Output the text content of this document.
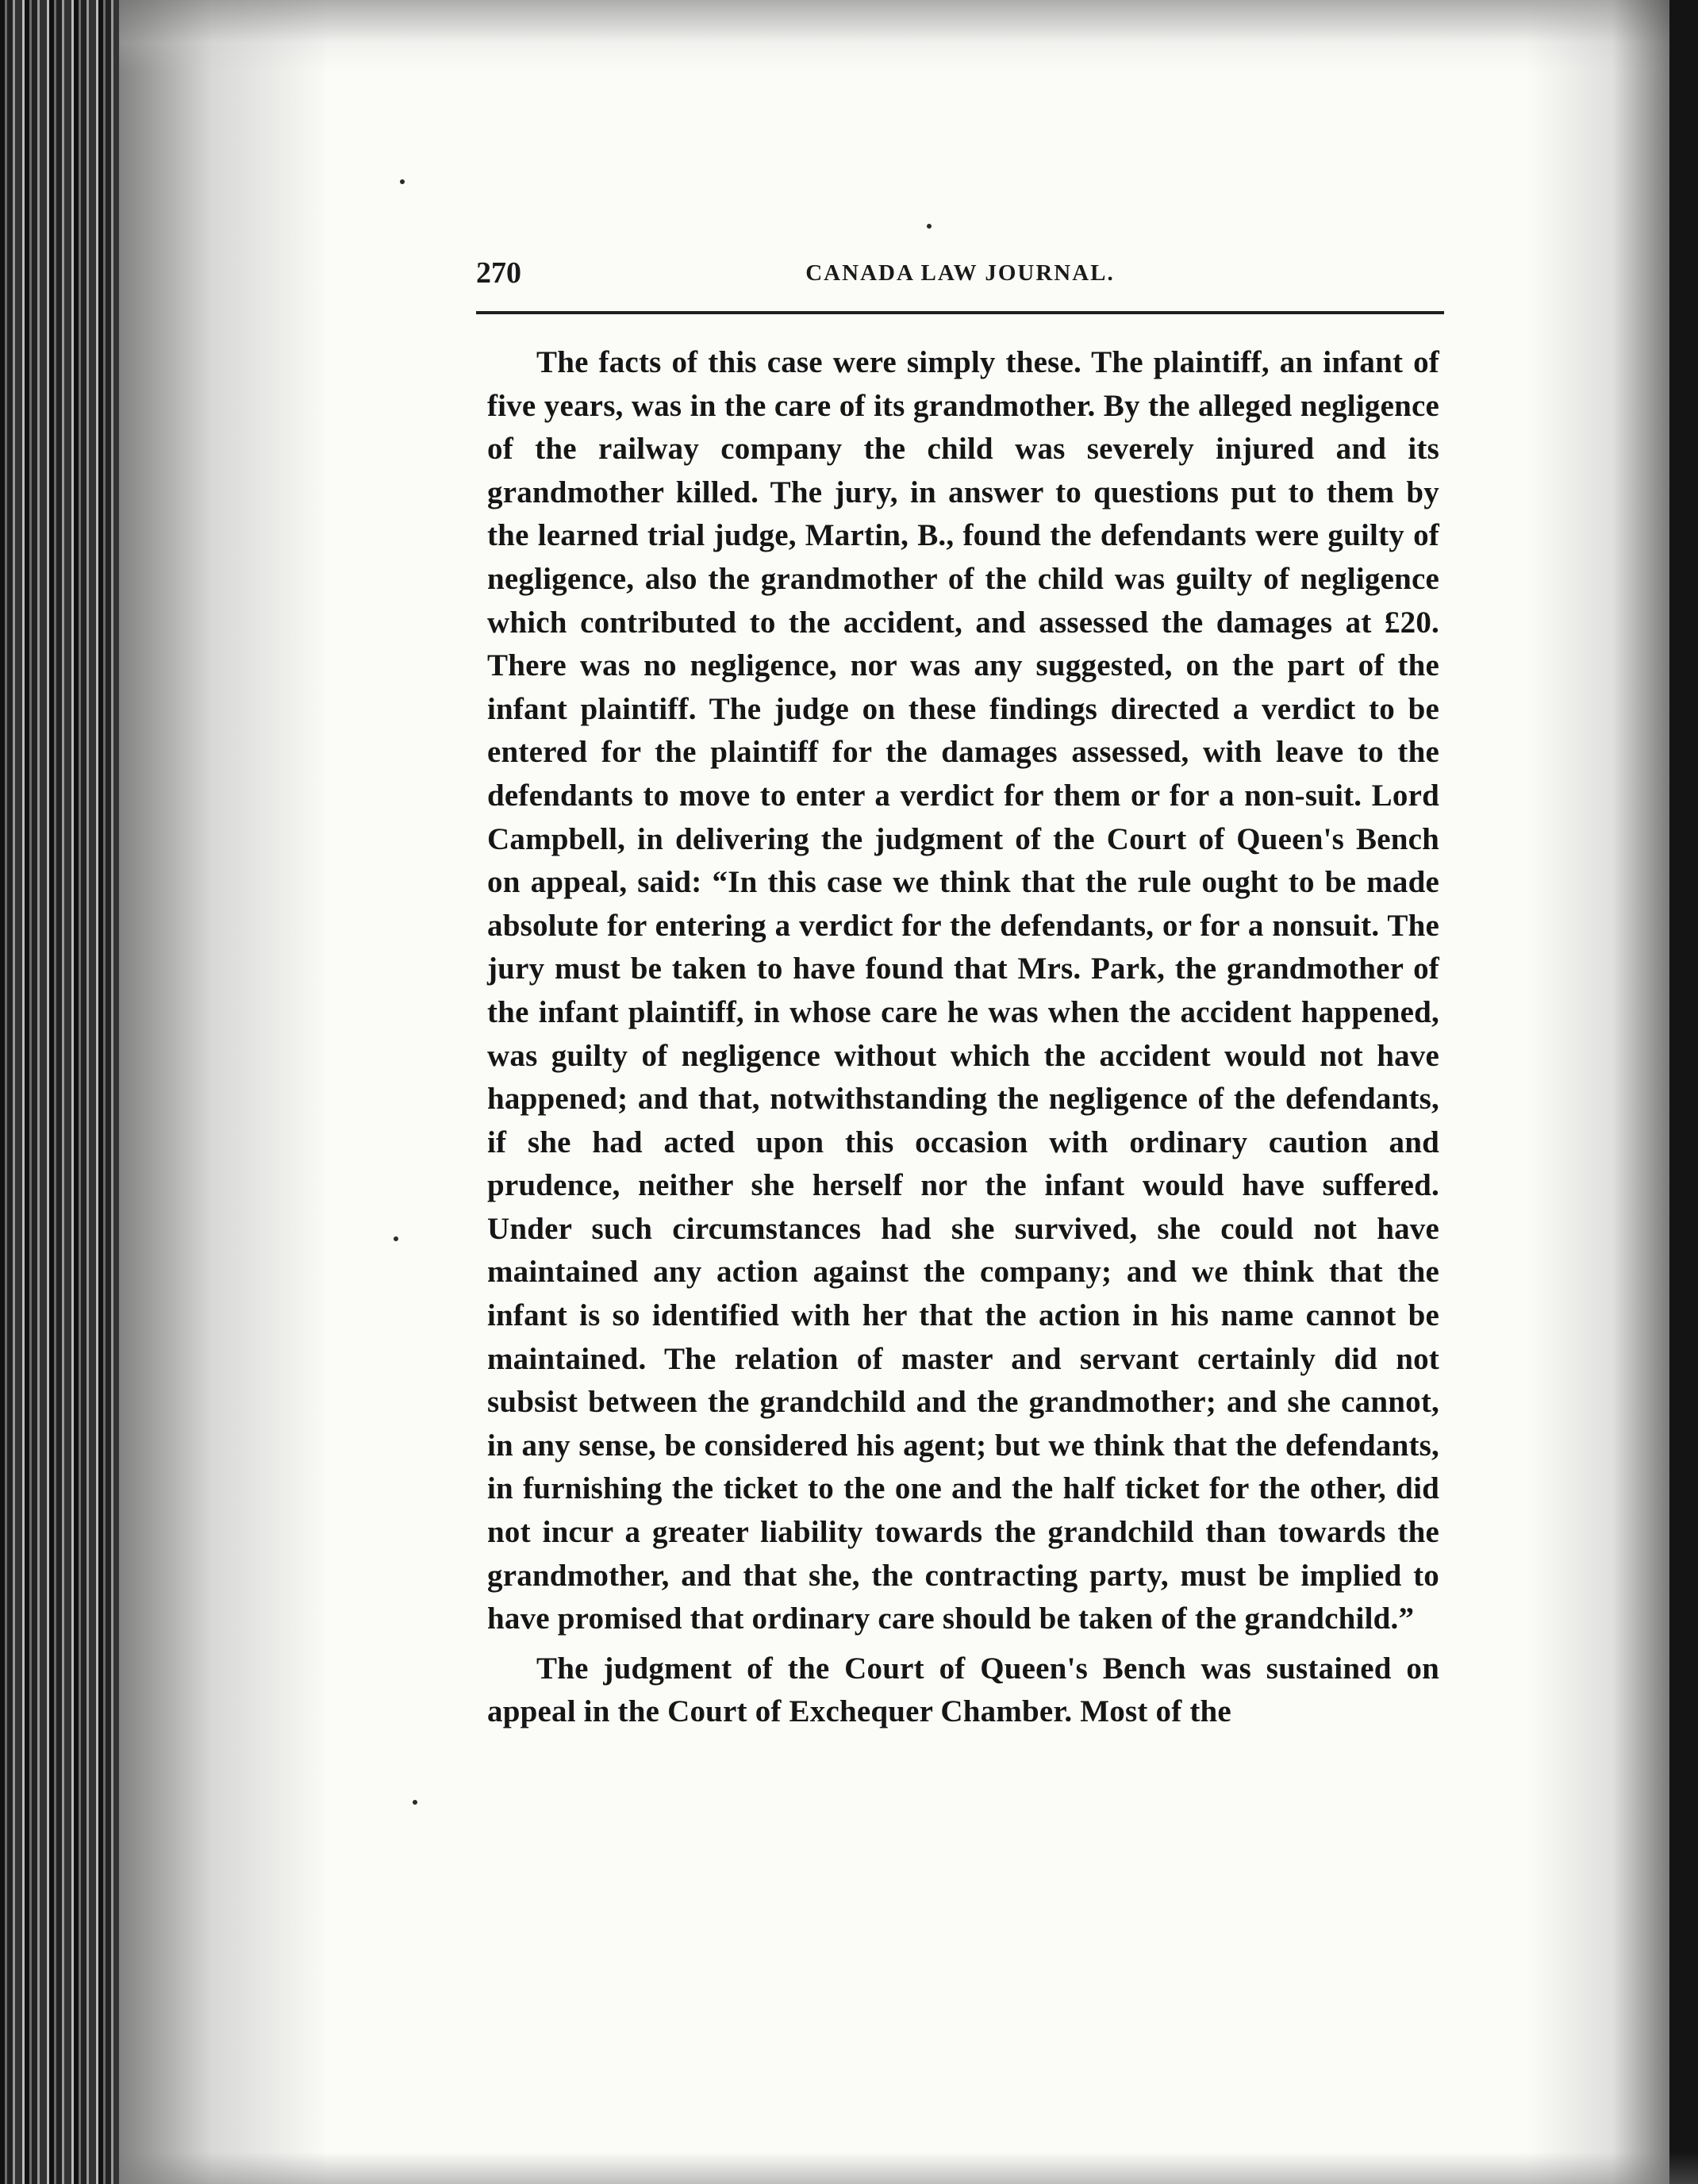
270	CANADA LAW JOURNAL.

The facts of this case were simply these. The plaintiff, an infant of five years, was in the care of its grandmother. By the alleged negligence of the railway company the child was severely injured and its grandmother killed. The jury, in answer to questions put to them by the learned trial judge, Martin, B., found the defendants were guilty of negligence, also the grandmother of the child was guilty of negligence which contributed to the accident, and assessed the damages at £20. There was no negligence, nor was any suggested, on the part of the infant plaintiff. The judge on these findings directed a verdict to be entered for the plaintiff for the damages assessed, with leave to the defendants to move to enter a verdict for them or for a non-suit. Lord Campbell, in delivering the judgment of the Court of Queen's Bench on appeal, said: “In this case we think that the rule ought to be made absolute for entering a verdict for the defendants, or for a nonsuit. The jury must be taken to have found that Mrs. Park, the grandmother of the infant plaintiff, in whose care he was when the accident happened, was guilty of negligence without which the accident would not have happened; and that, notwithstanding the negligence of the defendants, if she had acted upon this occasion with ordinary caution and prudence, neither she herself nor the infant would have suffered. Under such circumstances had she survived, she could not have maintained any action against the company; and we think that the infant is so identified with her that the action in his name cannot be maintained. The relation of master and servant certainly did not subsist between the grandchild and the grandmother; and she cannot, in any sense, be considered his agent; but we think that the defendants, in furnishing the ticket to the one and the half ticket for the other, did not incur a greater liability towards the grandchild than towards the grandmother, and that she, the contracting party, must be implied to have promised that ordinary care should be taken of the grandchild.”

The judgment of the Court of Queen's Bench was sustained on appeal in the Court of Exchequer Chamber. Most of the
